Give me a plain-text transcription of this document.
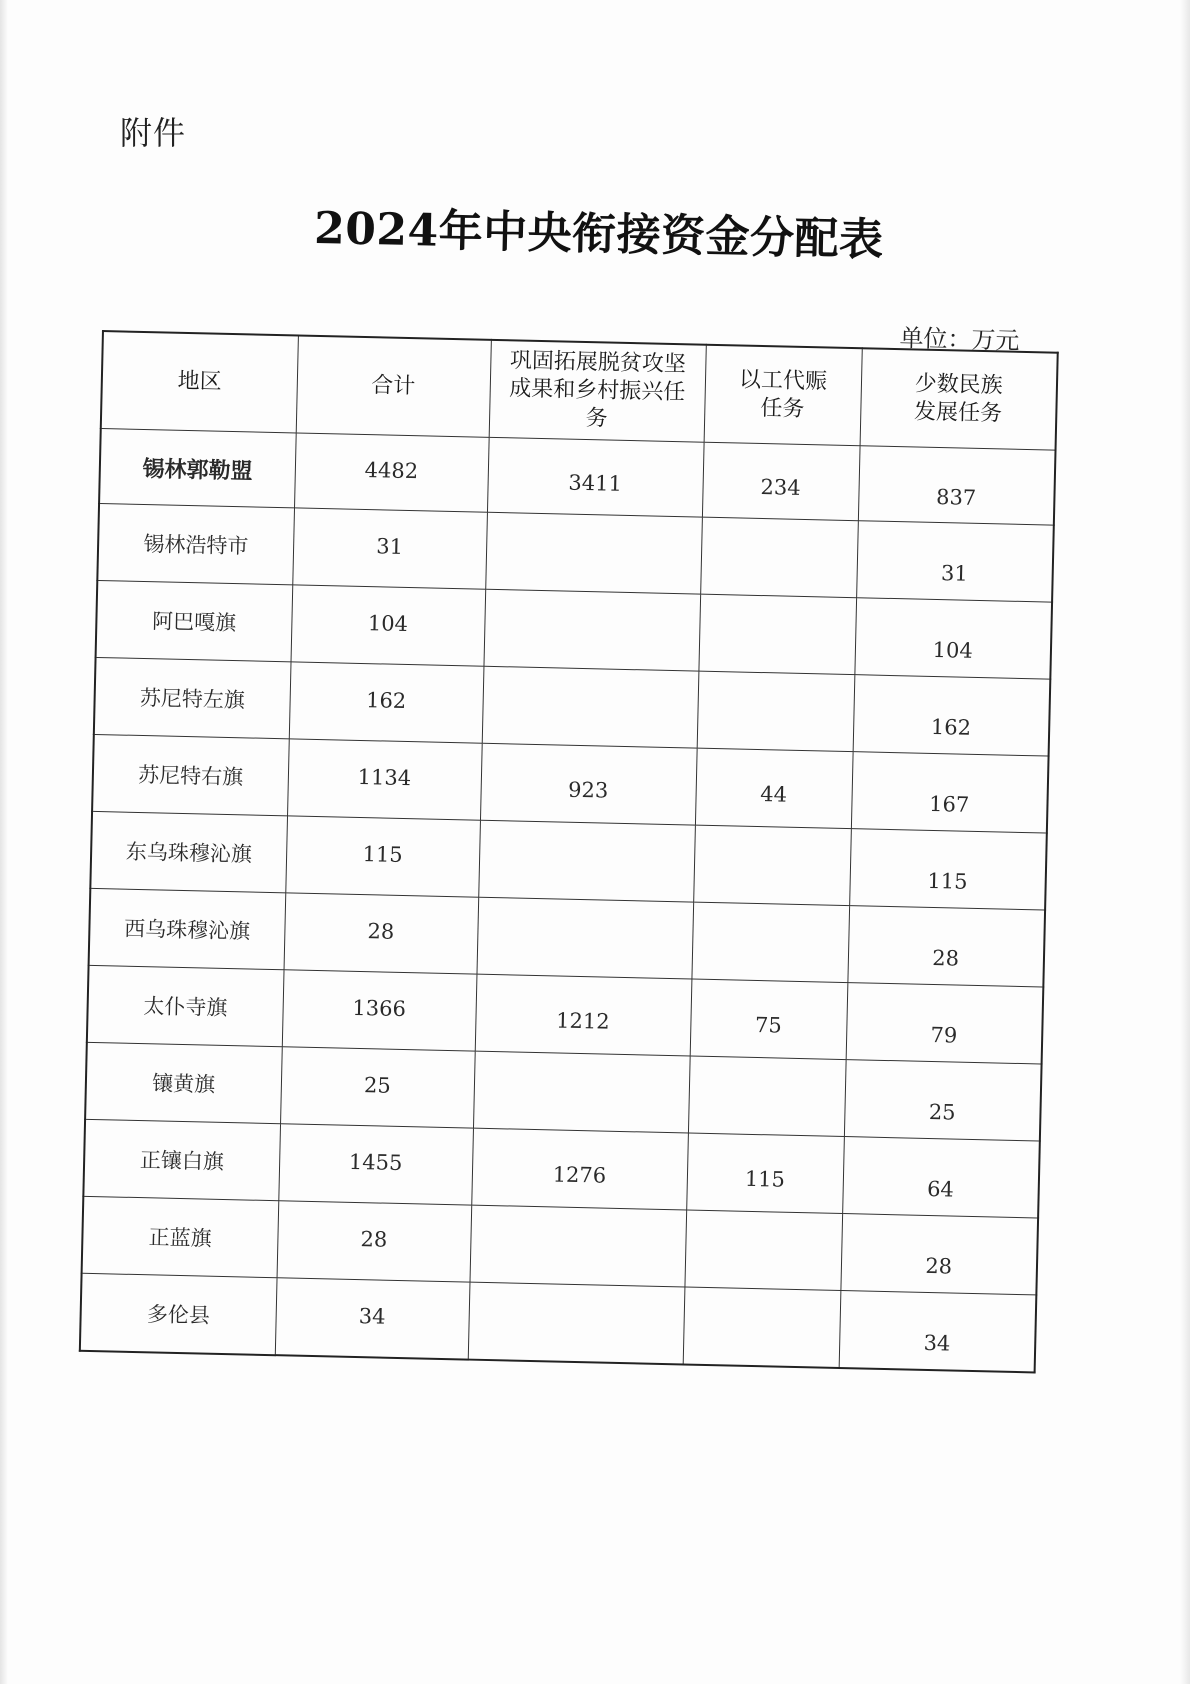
附件
2024年中央衔接资金分配表
单位：万元
地区	合计	巩固拓展脱贫攻坚成果和乡村振兴任务	以工代赈任务	少数民族发展任务
锡林郭勒盟	4482	3411	234	837
锡林浩特市	31			31
阿巴嘎旗	104			104
苏尼特左旗	162			162
苏尼特右旗	1134	923	44	167
东乌珠穆沁旗	115			115
西乌珠穆沁旗	28			28
太仆寺旗	1366	1212	75	79
镶黄旗	25			25
正镶白旗	1455	1276	115	64
正蓝旗	28			28
多伦县	34			34
